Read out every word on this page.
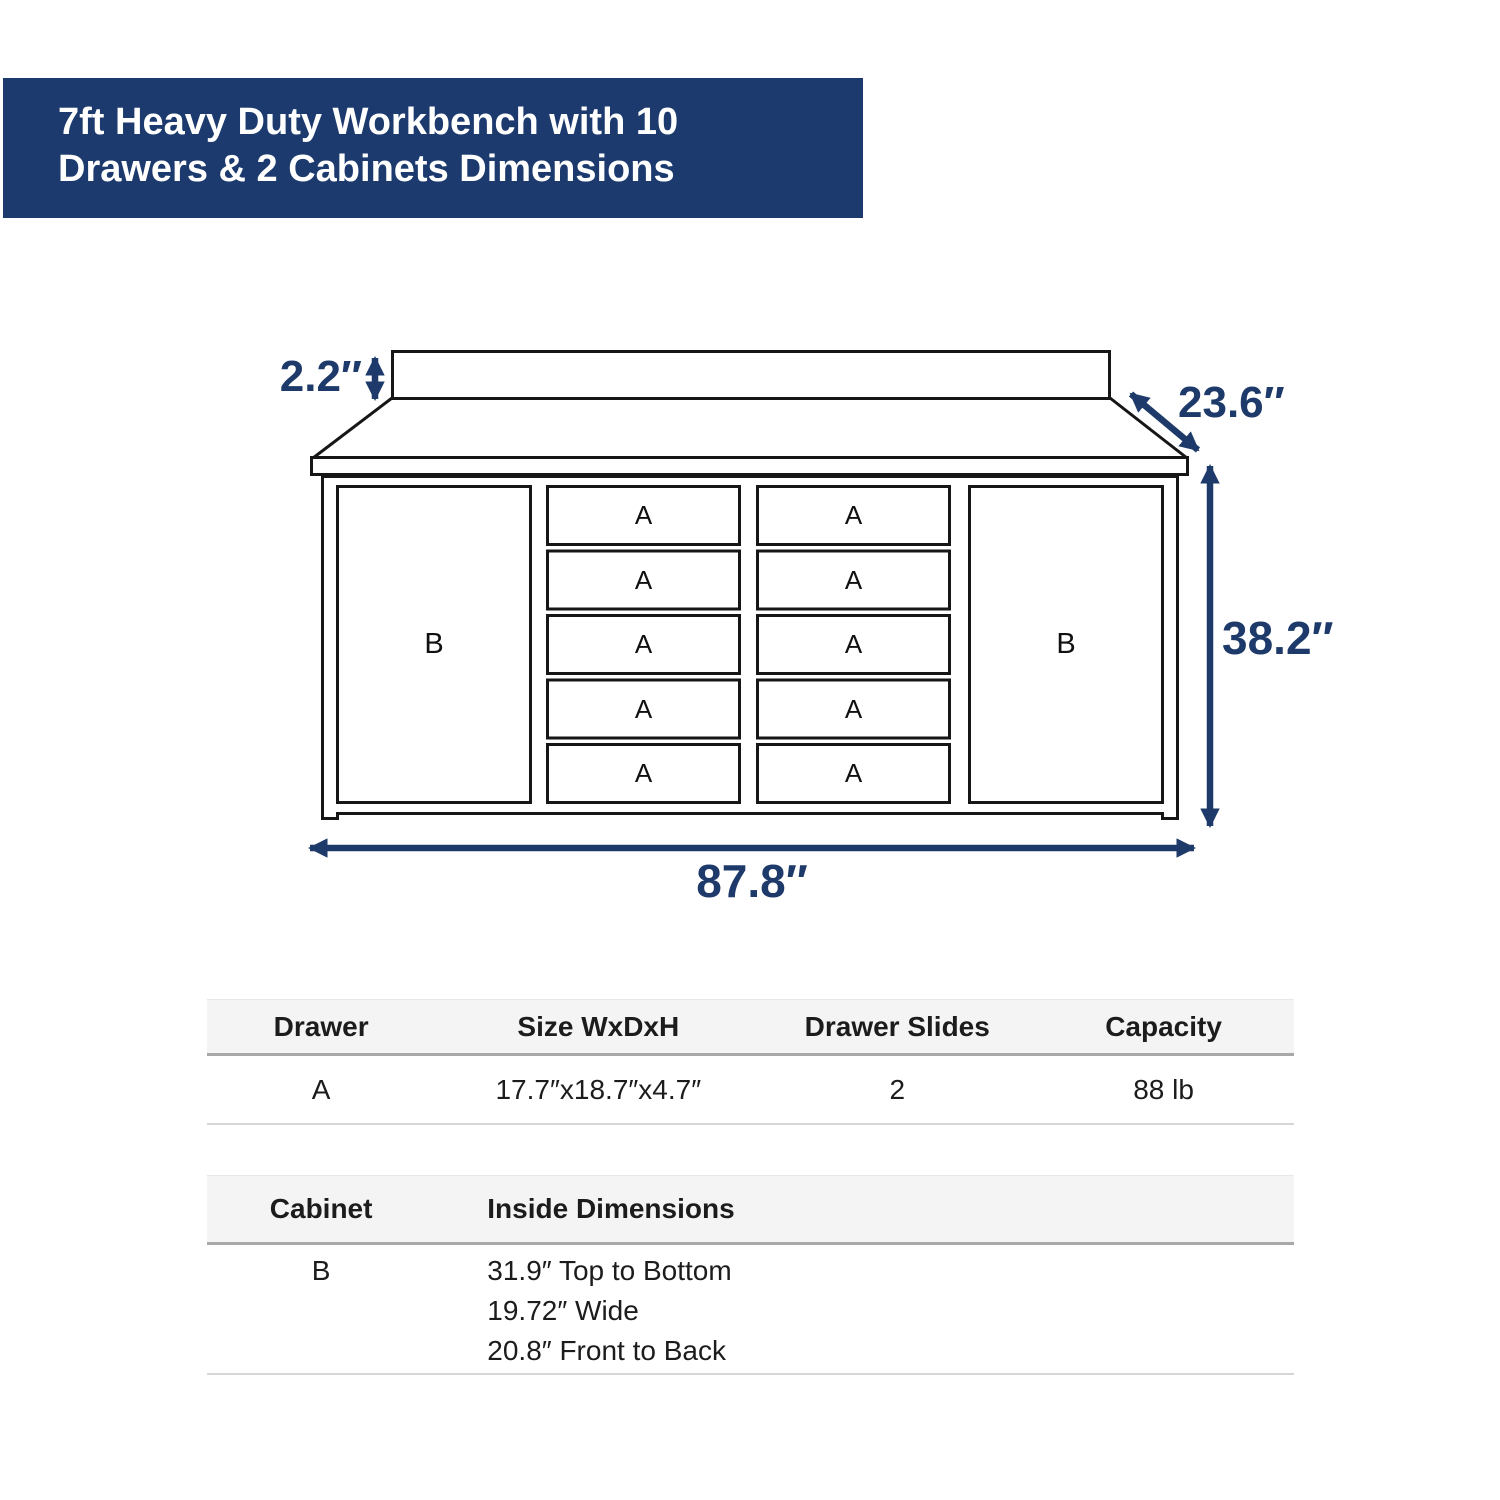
7ft Heavy Duty Workbench with 10
Drawers & 2 Cabinets Dimensions
2.2″
23.6″
38.2″
87.8″
B	B
A
A
A
A
A
A
A
A
A
A
Drawer	Size WxDxH	Drawer Slides	Capacity
A	17.7″x18.7″x4.7″	2	88 lb
Cabinet	Inside Dimensions
B	31.9″ Top to Bottom
19.72″ Wide
20.8″ Front to Back
